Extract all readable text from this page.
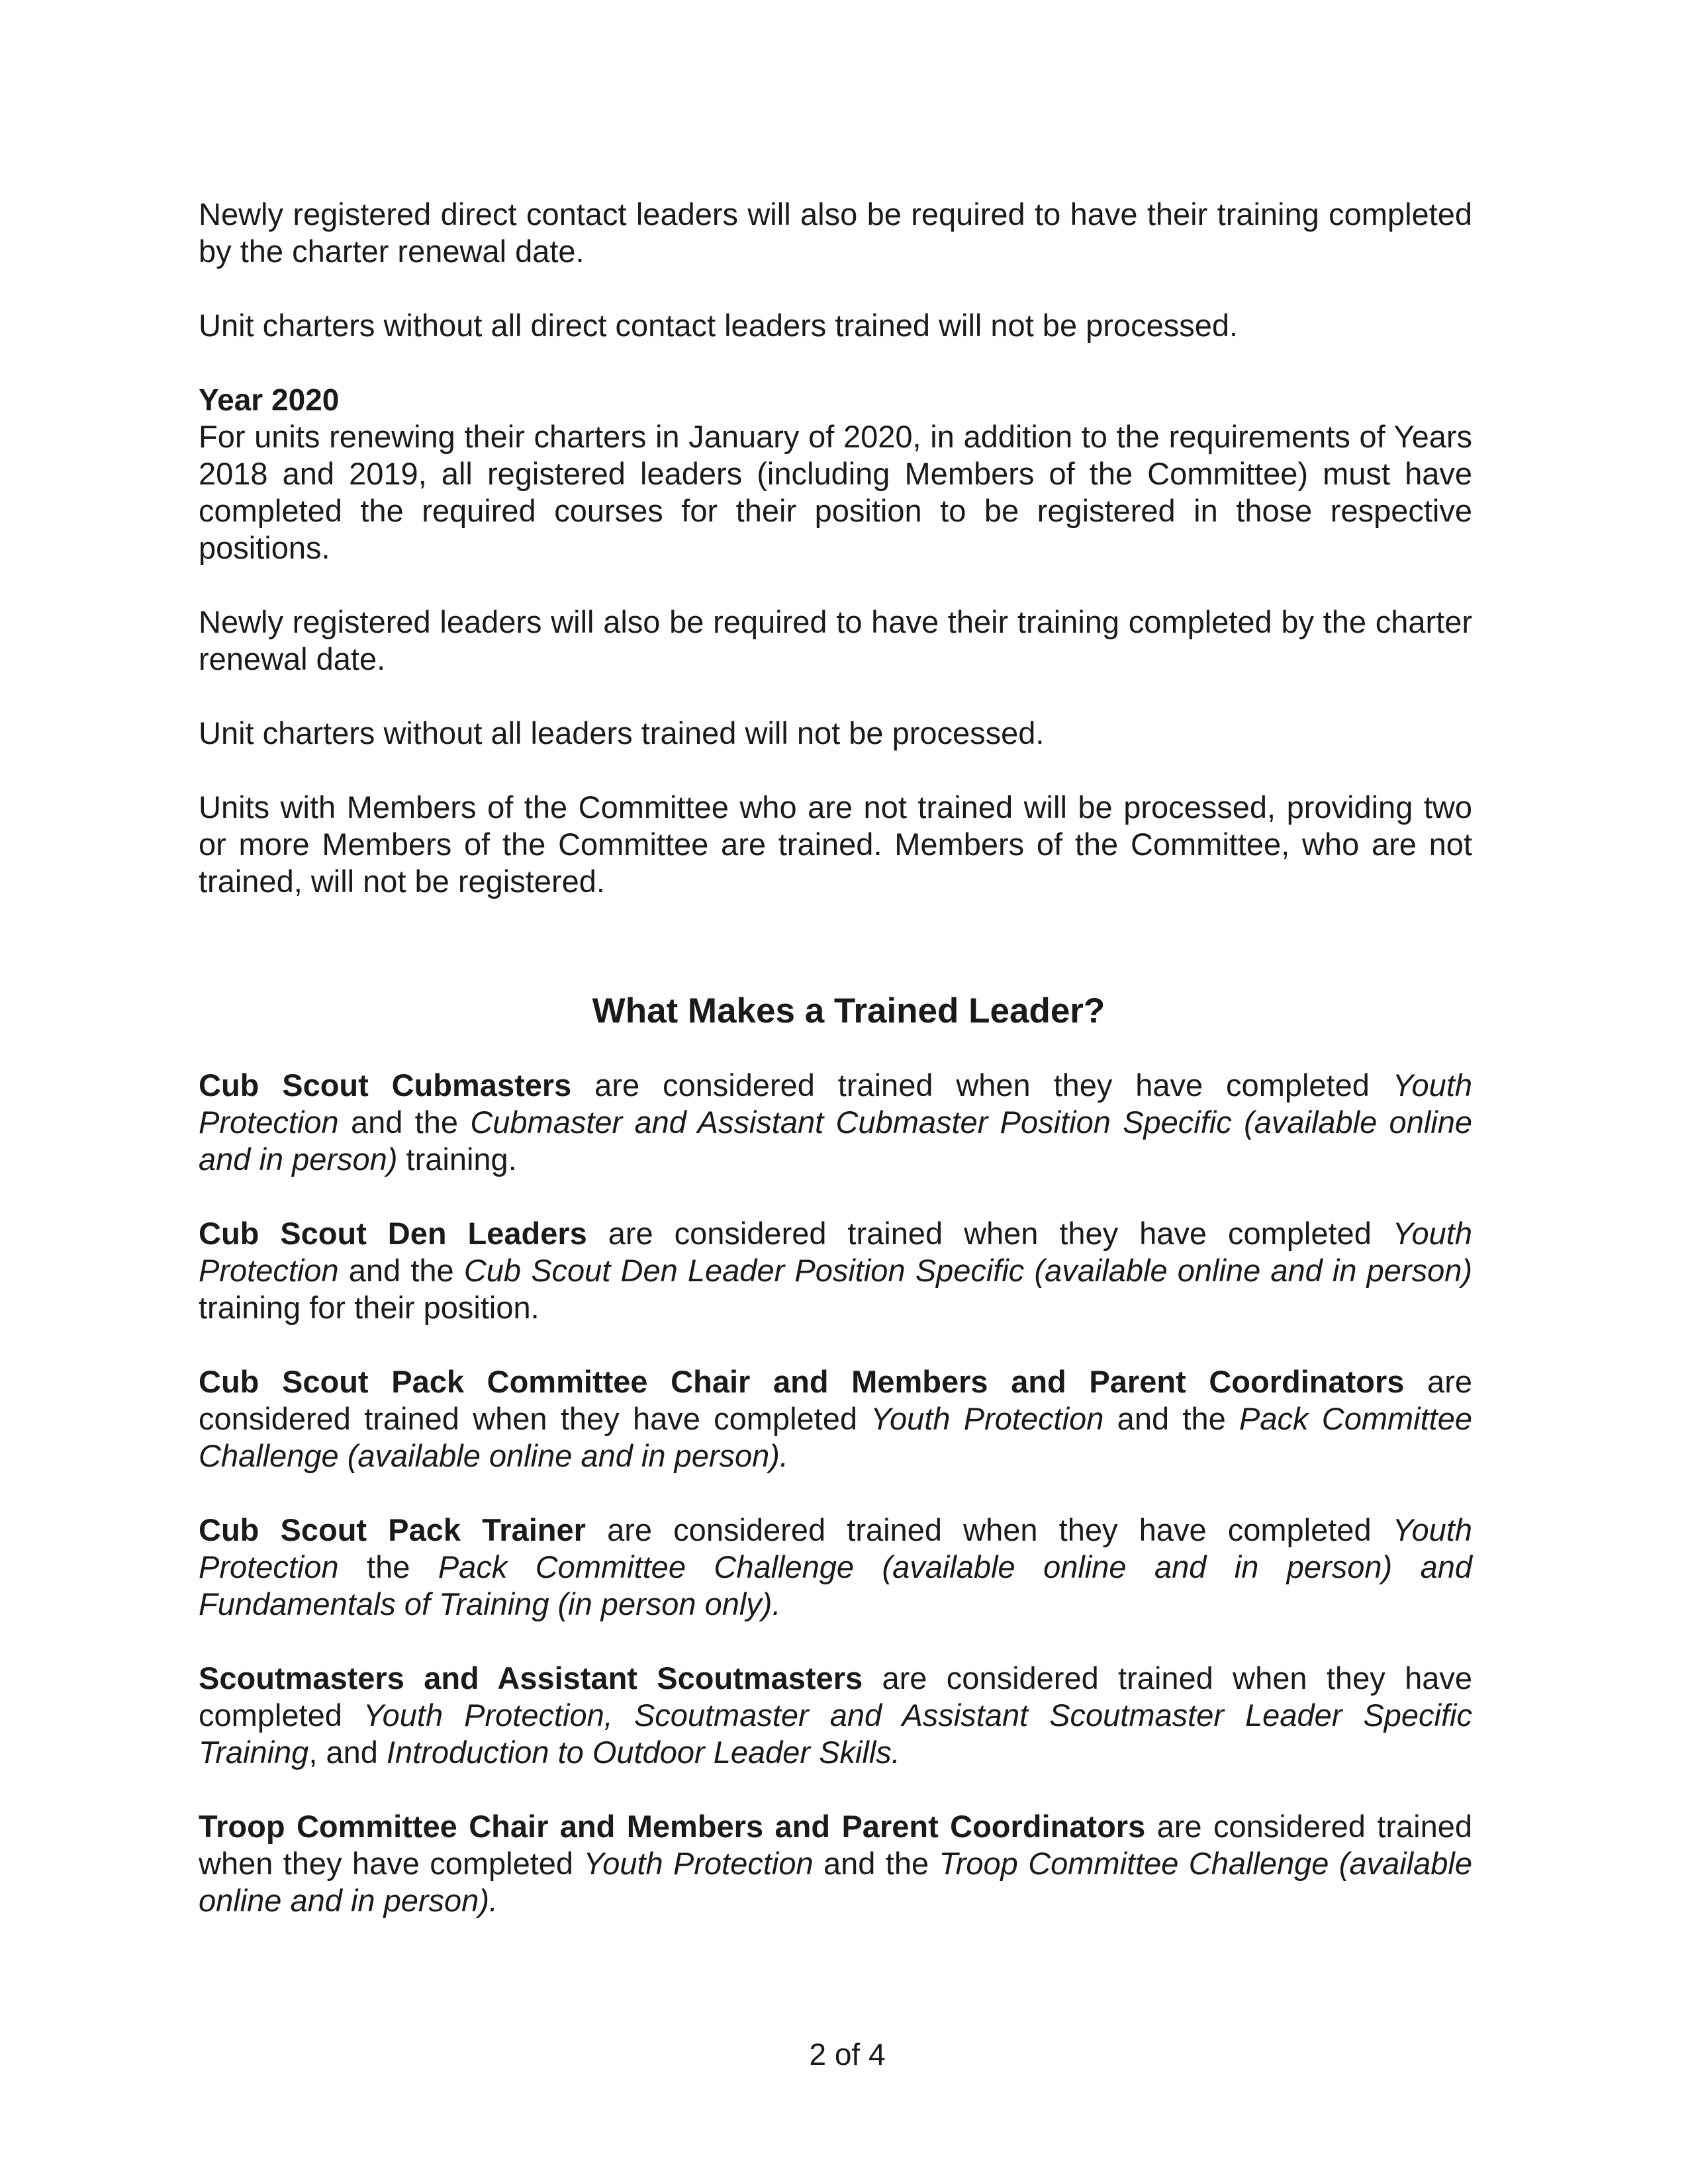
Newly registered direct contact leaders will also be required to have their training completed by the charter renewal date.

Unit charters without all direct contact leaders trained will not be processed.

Year 2020

For units renewing their charters in January of 2020, in addition to the requirements of Years 2018 and 2019, all registered leaders (including Members of the Committee) must have completed the required courses for their position to be registered in those respective positions.

Newly registered leaders will also be required to have their training completed by the charter renewal date.

Unit charters without all leaders trained will not be processed.

Units with Members of the Committee who are not trained will be processed, providing two or more Members of the Committee are trained. Members of the Committee, who are not trained, will not be registered.

What Makes a Trained Leader?

Cub Scout Cubmasters are considered trained when they have completed Youth Protection and the Cubmaster and Assistant Cubmaster Position Specific (available online and in person) training.

Cub Scout Den Leaders are considered trained when they have completed Youth Protection and the Cub Scout Den Leader Position Specific (available online and in person) training for their position.

Cub Scout Pack Committee Chair and Members and Parent Coordinators are considered trained when they have completed Youth Protection and the Pack Committee Challenge (available online and in person).

Cub Scout Pack Trainer are considered trained when they have completed Youth Protection the Pack Committee Challenge (available online and in person) and Fundamentals of Training (in person only).

Scoutmasters and Assistant Scoutmasters are considered trained when they have completed Youth Protection, Scoutmaster and Assistant Scoutmaster Leader Specific Training, and Introduction to Outdoor Leader Skills.

Troop Committee Chair and Members and Parent Coordinators are considered trained when they have completed Youth Protection and the Troop Committee Challenge (available online and in person).

2 of 4
